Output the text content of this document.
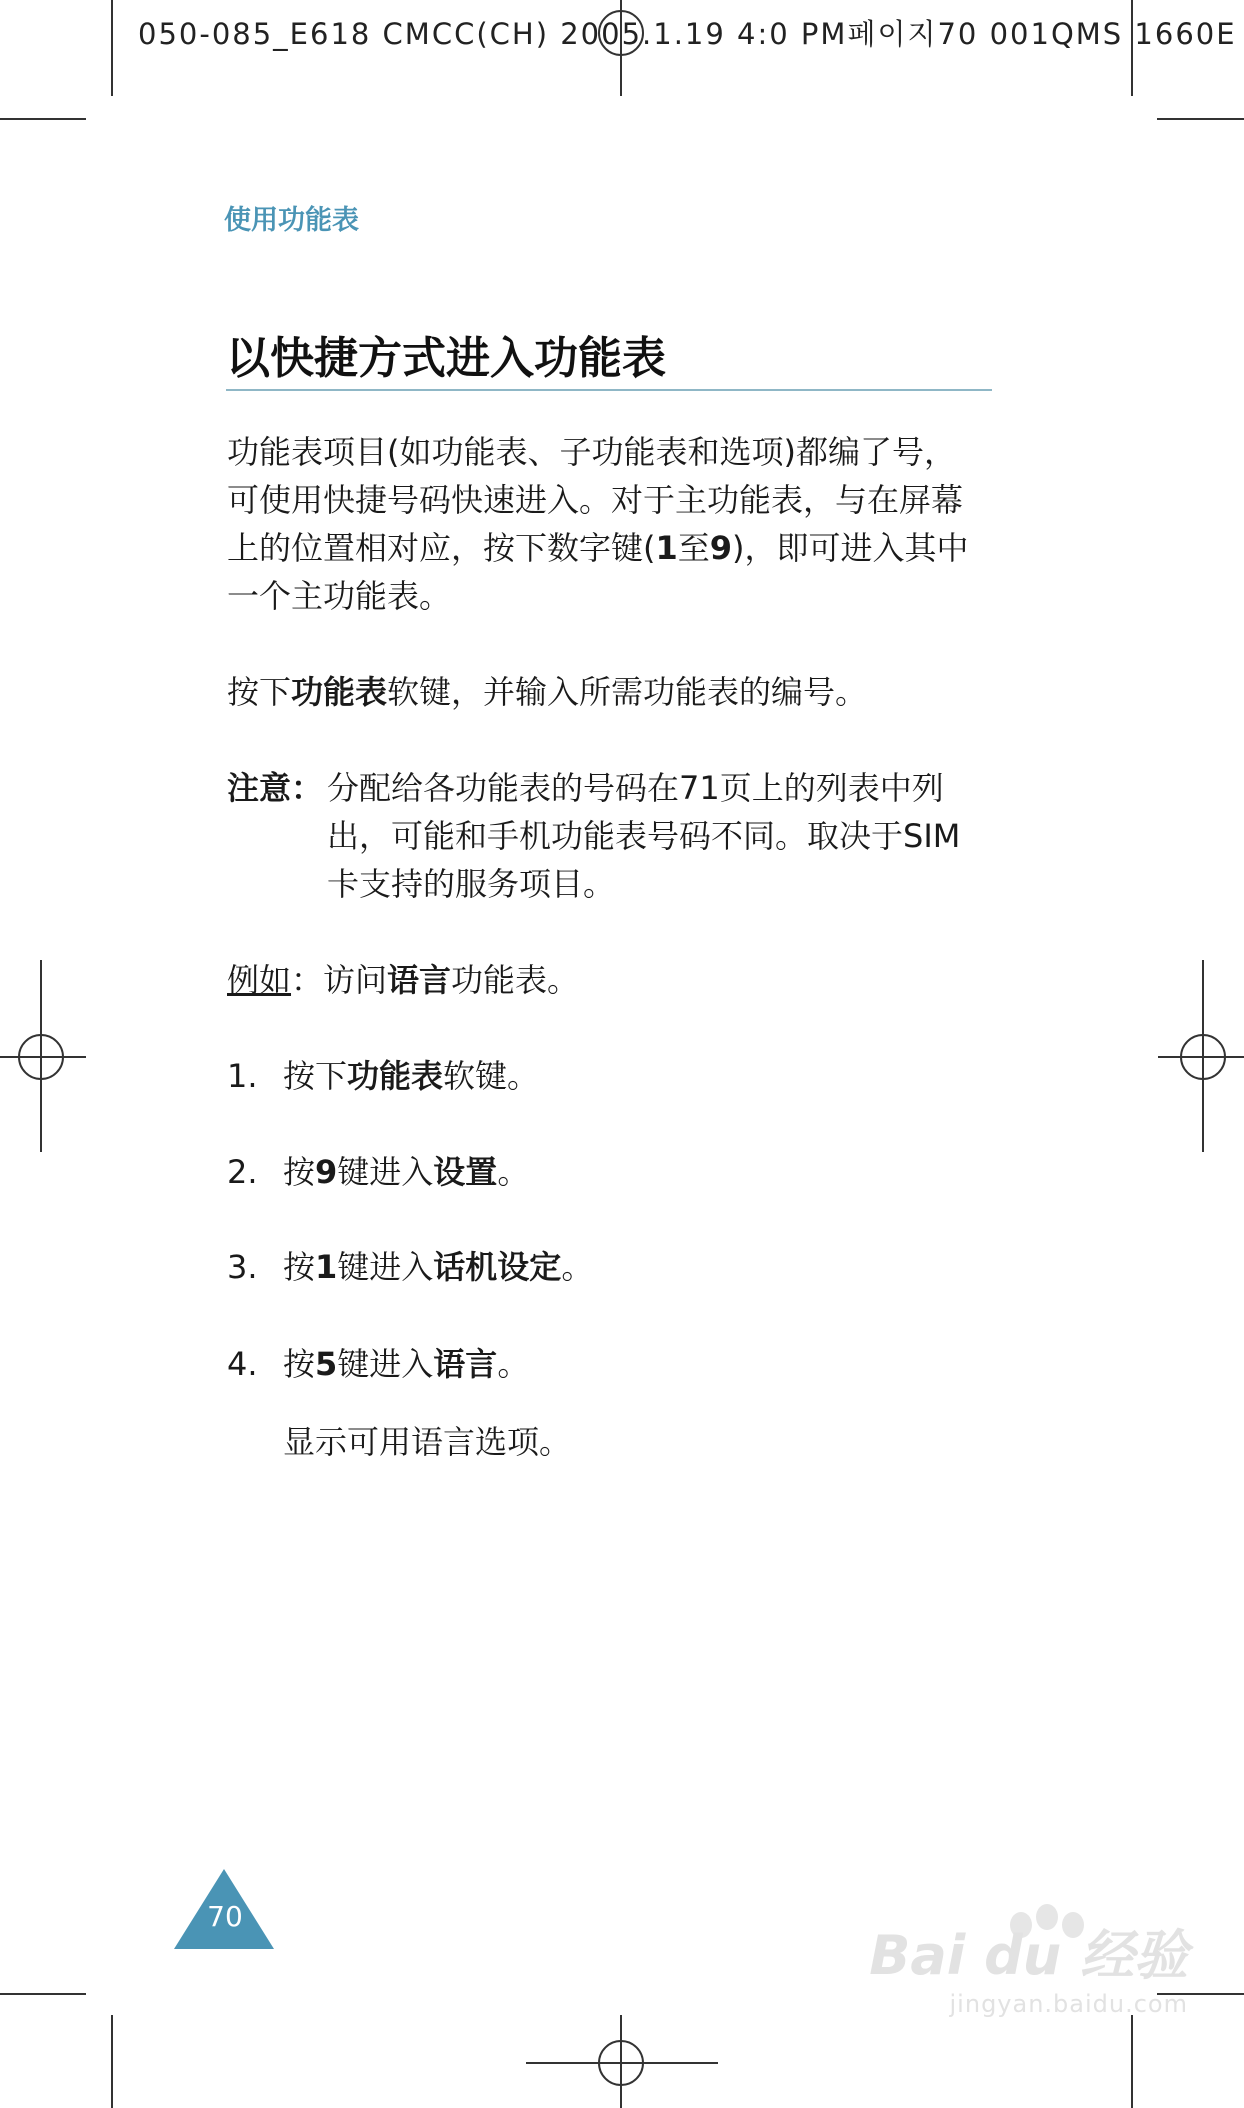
050-085_E618 CMCC(CH) 2005.1.19 4:0 PM페이지70 001QMS 1660E
使用功能表
以快捷方式进入功能表
功能表项目(如功能表、子功能表和选项)都编了号，可使用快捷号码快速进入。对于主功能表，与在屏幕上的位置相对应，按下数字键(1至9)，即可进入其中一个主功能表。
按下功能表软键，并输入所需功能表的编号。
注意： 分配给各功能表的号码在71页上的列表中列出，可能和手机功能表号码不同。取决于SIM卡支持的服务项目。
例如：访问语言功能表。
1. 按下功能表软键。
2. 按9键进入设置。
3. 按1键进入话机设定。
4. 按5键进入语言。
显示可用语言选项。
70
Bai du 经验
jingyan.baidu.com
